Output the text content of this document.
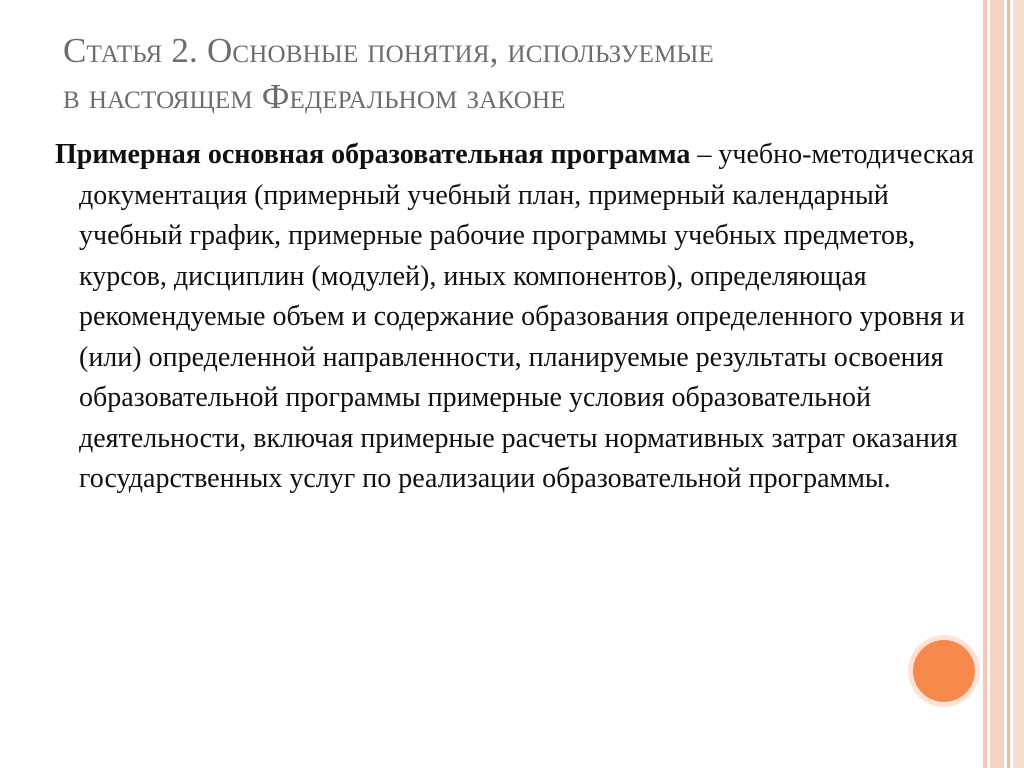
Статья 2. Основные понятия, используемые
в настоящем Федеральном законе

Примерная основная образовательная программа – учебно-методическая документация (примерный учебный план, примерный календарный учебный график, примерные рабочие программы учебных предметов, курсов, дисциплин (модулей), иных компонентов), определяющая рекомендуемые объем и содержание образования определенного уровня и (или) определенной направленности, планируемые результаты освоения образовательной программы примерные условия образовательной деятельности, включая примерные расчеты нормативных затрат оказания государственных услуг по реализации образовательной программы.
